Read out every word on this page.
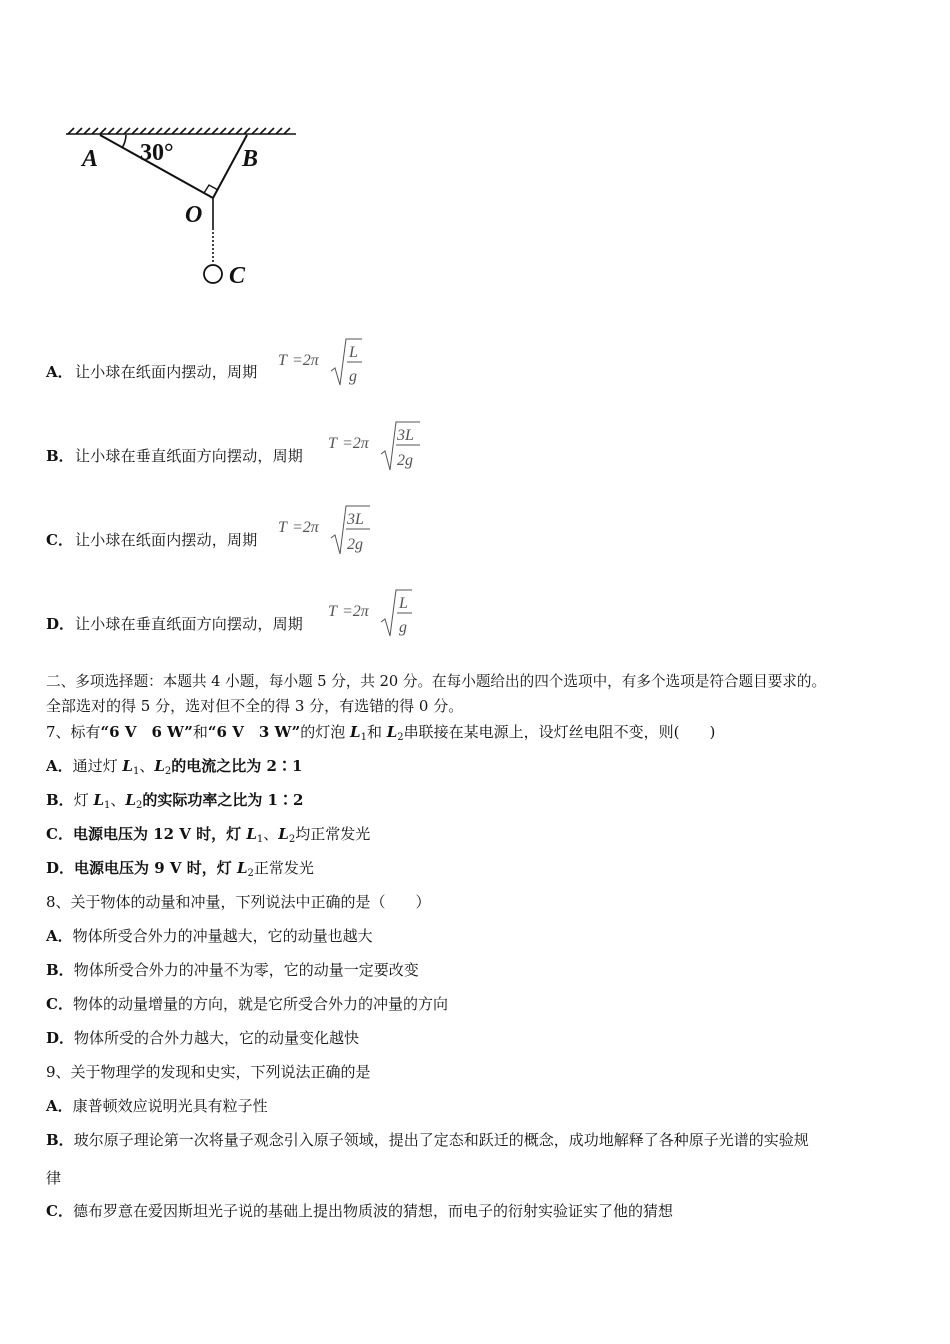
A 30°	B
O
C
A． 让小球在纸面内摆动，周期
T =2π L
g
B． 让小球在垂直纸面方向摆动，周期
T =2π 3L
2g
C． 让小球在纸面内摆动，周期
T =2π 3L
2g
D． 让小球在垂直纸面方向摆动，周期
T =2π L
g
二、多项选择题：本题共 4 小题，每小题 5 分，共 20 分。在每小题给出的四个选项中，有多个选项是符合题目要求的。
全部选对的得 5 分，选对但不全的得 3 分，有选错的得 0 分。
7、标有“6 V　6 W”和“6 V　3 W”的灯泡 $L_1$和 $L_2$串联接在某电源上，设灯丝电阻不变，则(　　)
A．通过灯 $L_1$、$L_2$的电流之比为 2∶1
B．灯 $L_1$、$L_2$的实际功率之比为 1∶2
C．电源电压为 12 V 时，灯 $L_1$、$L_2$均正常发光
D．电源电压为 9 V 时，灯 $L_2$正常发光
8、关于物体的动量和冲量，下列说法中正确的是（　　）
A．物体所受合外力的冲量越大，它的动量也越大
B．物体所受合外力的冲量不为零，它的动量一定要改变
C．物体的动量增量的方向，就是它所受合外力的冲量的方向
D．物体所受的合外力越大，它的动量变化越快
9、关于物理学的发现和史实，下列说法正确的是
A．康普顿效应说明光具有粒子性
B．玻尔原子理论第一次将量子观念引入原子领域，提出了定态和跃迁的概念，成功地解释了各种原子光谱的实验规
律
C．德布罗意在爱因斯坦光子说的基础上提出物质波的猜想，而电子的衍射实验证实了他的猜想
